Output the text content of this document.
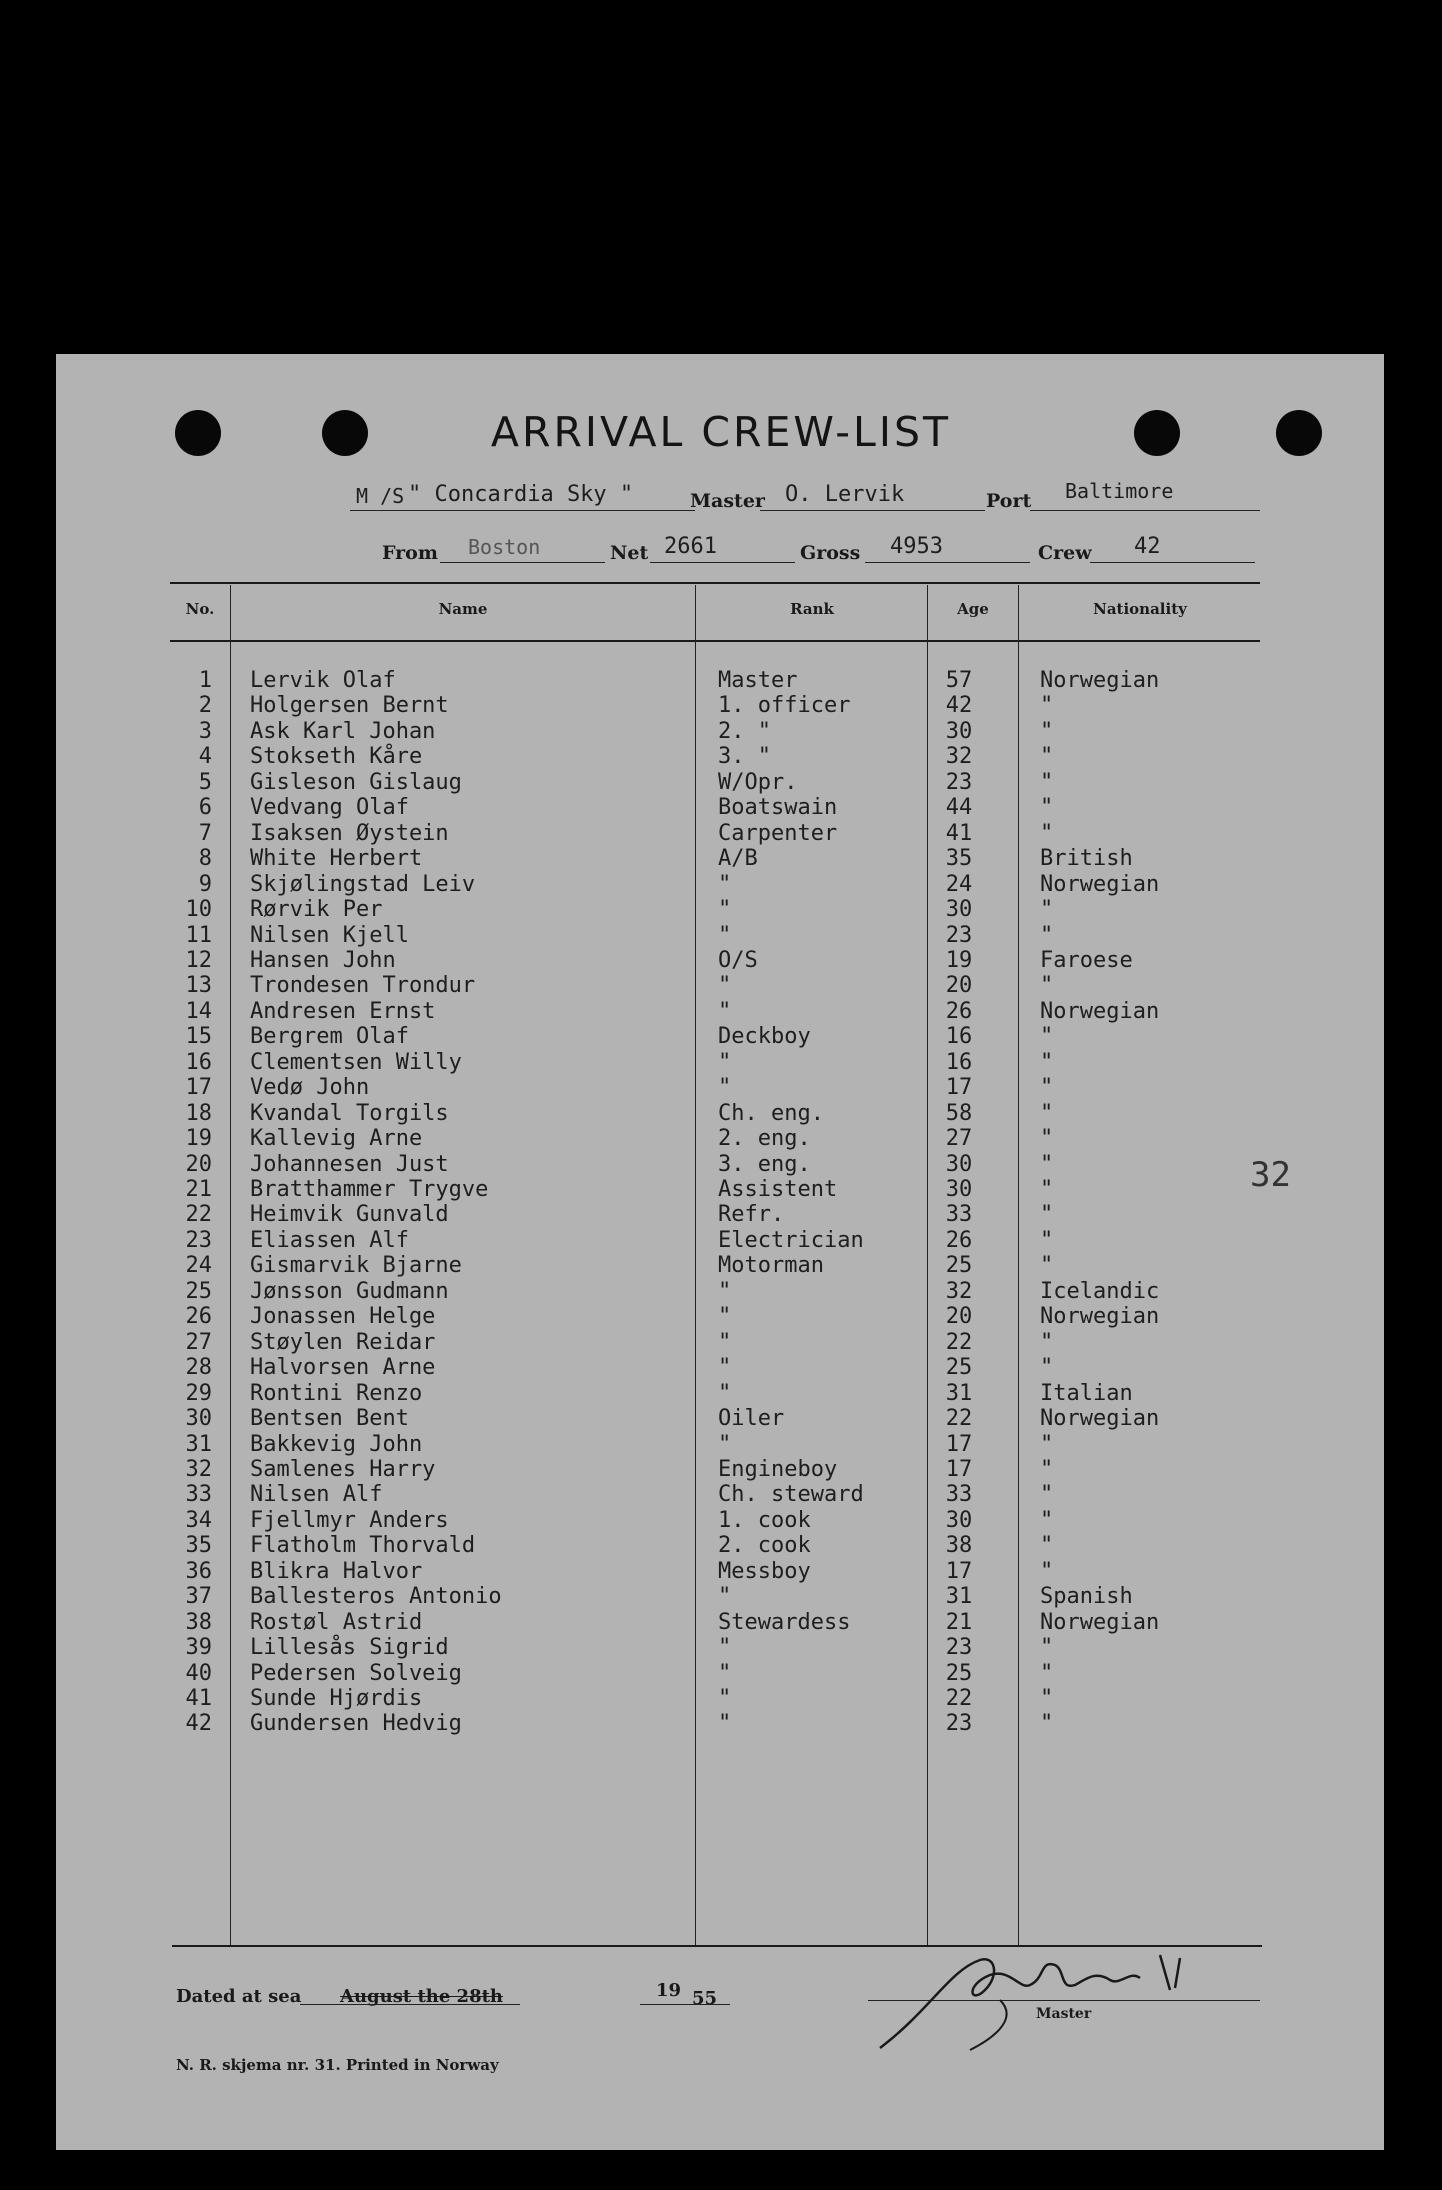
ARRIVAL CREW-LIST
M /S " Concardia Sky "	Master O. Lervik	Port Baltimore
From Boston	Net 2661	Gross 4953	Crew 42
No.	Name	Rank	Age	Nationality
1 Lervik Olaf	Master	57	Norwegian
2 Holgersen Bernt	1. officer	42	"
3 Ask Karl Johan	2. "	30	"
4 Stokseth Kåre	3. "	32	"
5 Gisleson Gislaug	W/Opr.	23	"
6 Vedvang Olaf	Boatswain	44	"
7 Isaksen Øystein	Carpenter	41	"
8 White Herbert	A/B	35	British
9 Skjølingstad Leiv	"	24	Norwegian
10 Rørvik Per	"	30	"
11 Nilsen Kjell	"	23	"
12 Hansen John	O/S	19	Faroese
13 Trondesen Trondur	"	20	"
14 Andresen Ernst	"	26	Norwegian
15 Bergrem Olaf	Deckboy	16	"
16 Clementsen Willy	"	16	"
17 Vedø John	"	17	"
18 Kvandal Torgils	Ch. eng.	58	"
19 Kallevig Arne	2. eng.	27	"
20 Johannesen Just	3. eng.	30	"
21 Bratthammer Trygve	Assistent	30	"
22 Heimvik Gunvald	Refr.	33	"
23 Eliassen Alf	Electrician	26	"
24 Gismarvik Bjarne	Motorman	25	"
25 Jønsson Gudmann	"	32	Icelandic
26 Jonassen Helge	"	20	Norwegian
27 Støylen Reidar	"	22	"
28 Halvorsen Arne	"	25	"
29 Rontini Renzo	"	31	Italian
30 Bentsen Bent	Oiler	22	Norwegian
31 Bakkevig John	"	17	"
32 Samlenes Harry	Engineboy	17	"
33 Nilsen Alf	Ch. steward	33	"
34 Fjellmyr Anders	1. cook	30	"
35 Flatholm Thorvald	2. cook	38	"
36 Blikra Halvor	Messboy	17	"
37 Ballesteros Antonio	"	31	Spanish
38 Rostøl Astrid	Stewardess	21	Norwegian
39 Lillesås Sigrid	"	23	"
40 Pedersen Solveig	"	25	"
41 Sunde Hjørdis	"	22	"
42 Gundersen Hedvig	"	23	"
32
Dated at sea August the 28th	19 55
Master
N. R. skjema nr. 31. Printed in Norway
